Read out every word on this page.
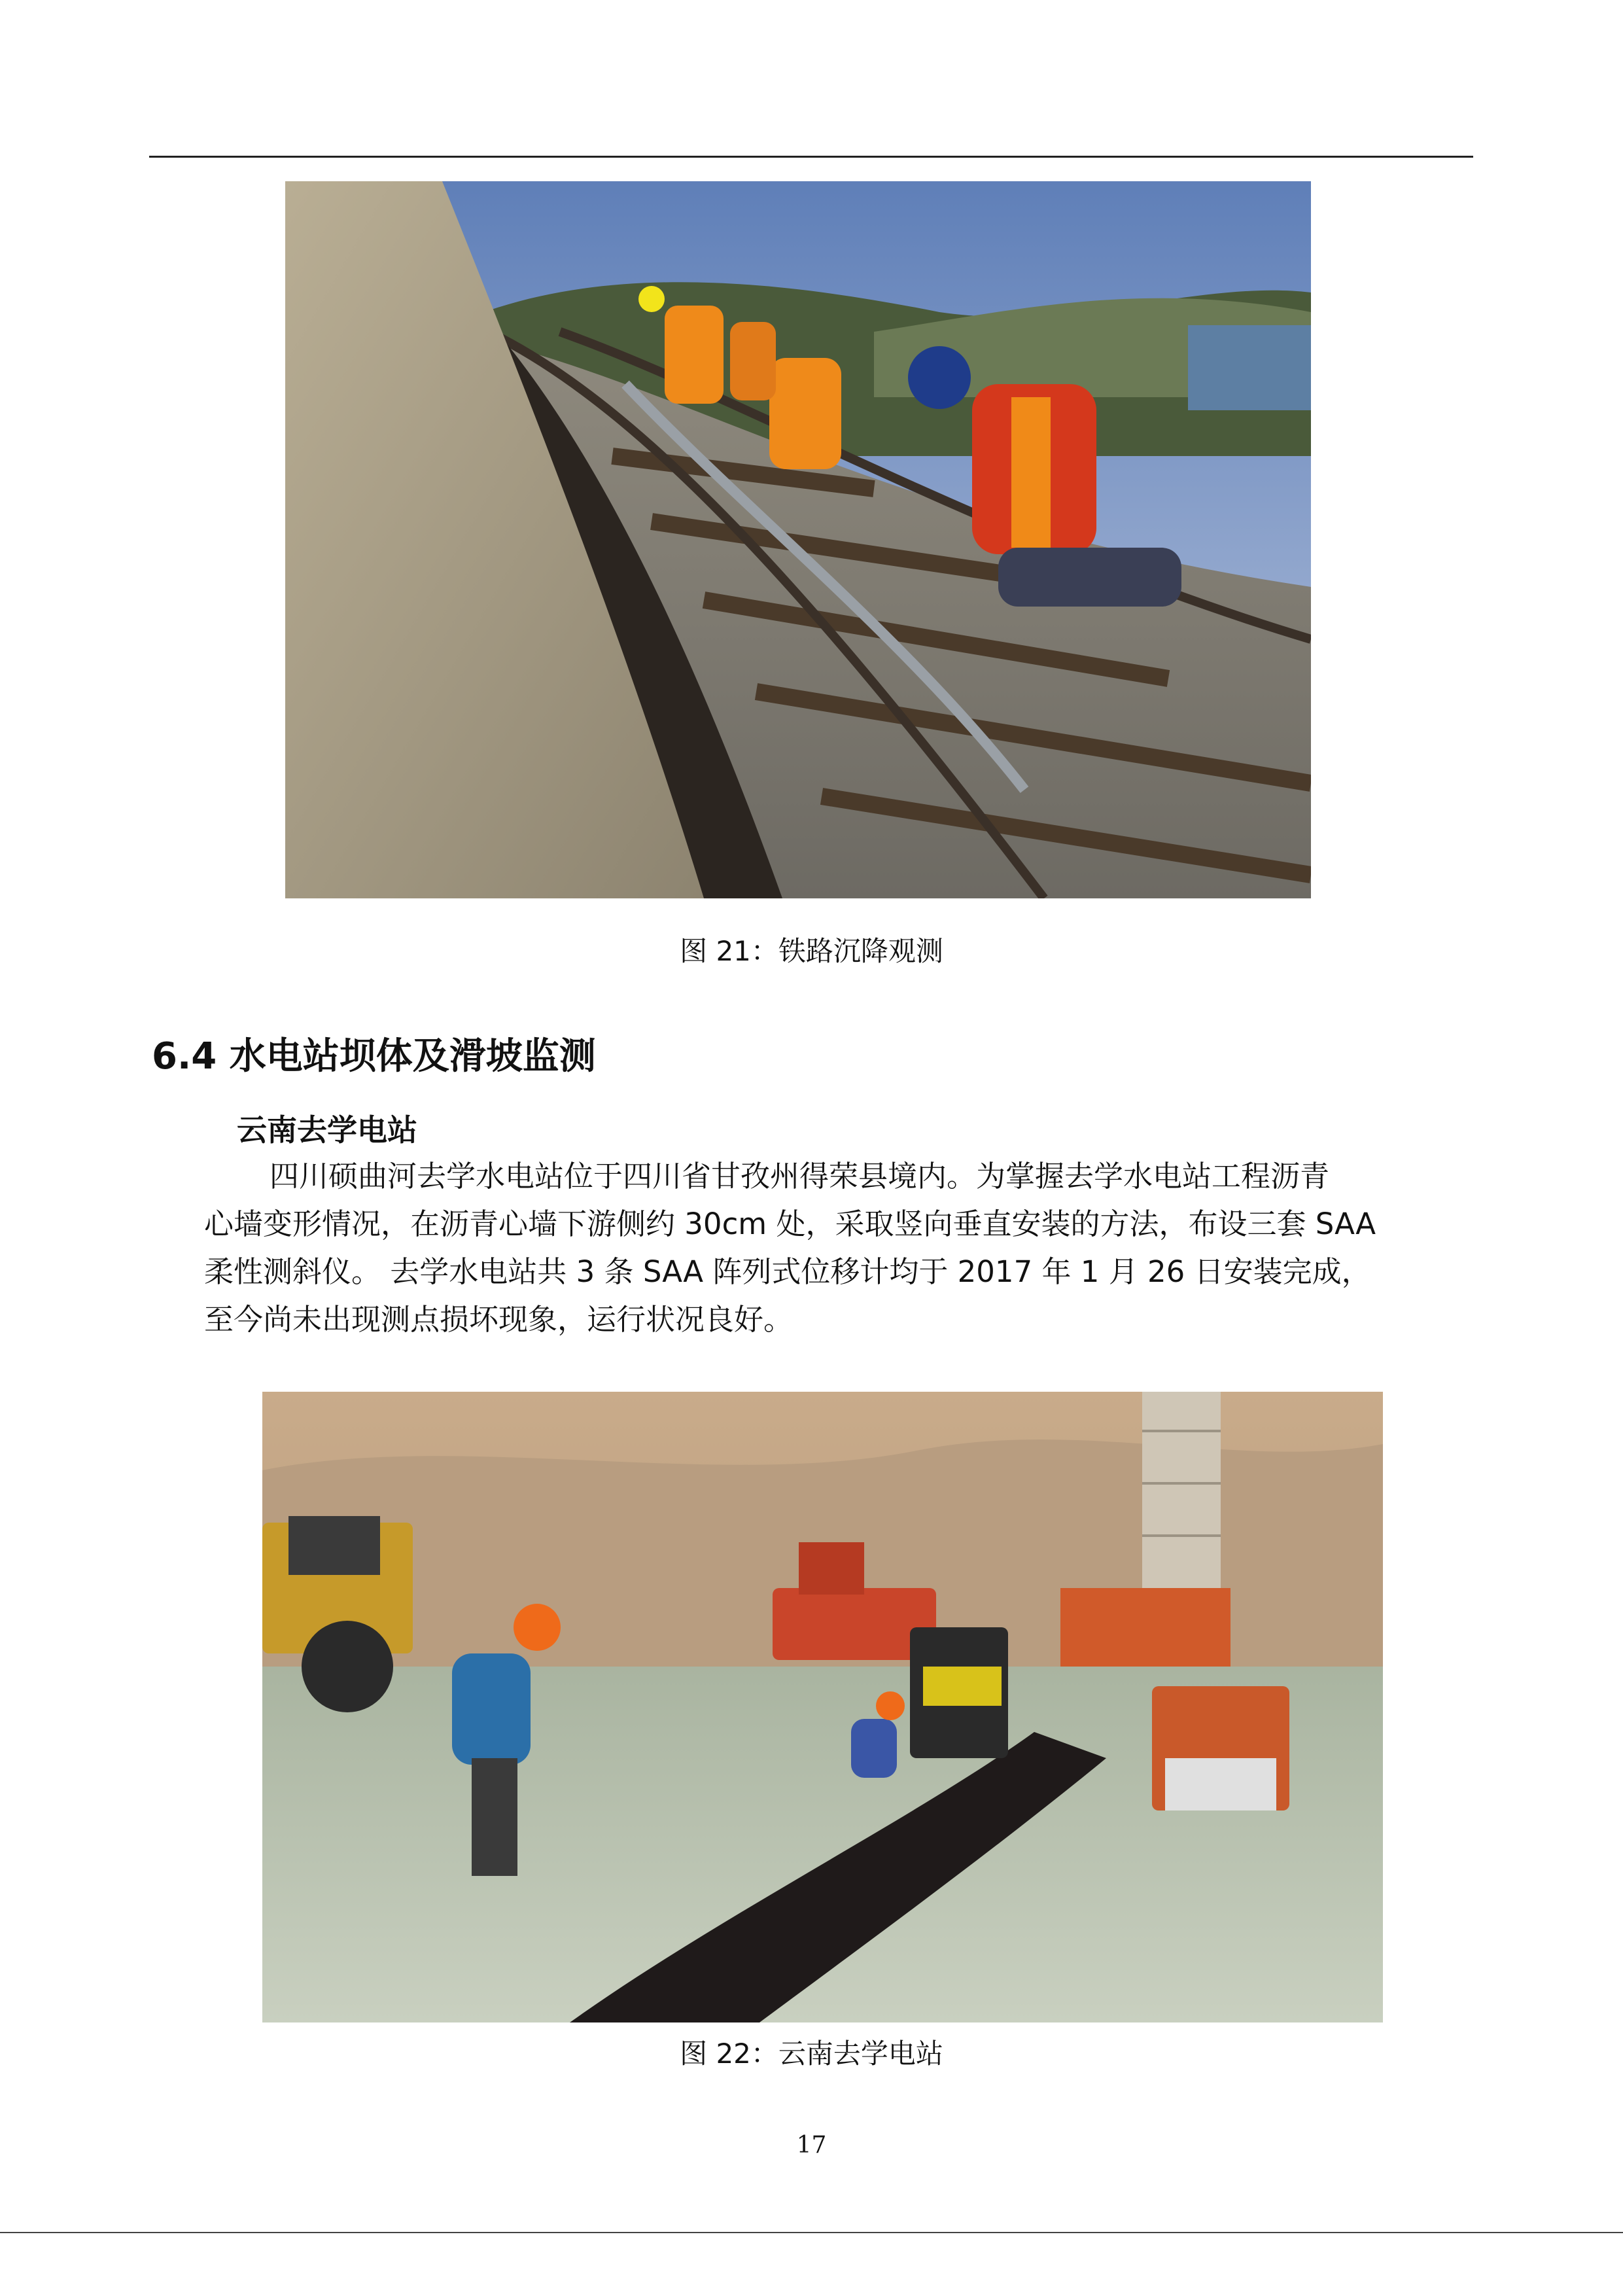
图 21：铁路沉降观测
6.4 水电站坝体及滑坡监测
云南去学电站
四川硕曲河去学水电站位于四川省甘孜州得荣县境内。为掌握去学水电站工程沥青
心墙变形情况，在沥青心墙下游侧约 30cm 处，采取竖向垂直安装的方法，布设三套 SAA
柔性测斜仪。 去学水电站共 3 条 SAA 阵列式位移计均于 2017 年 1 月 26 日安装完成，
至今尚未出现测点损坏现象，运行状况良好。
图 22：云南去学电站
17
